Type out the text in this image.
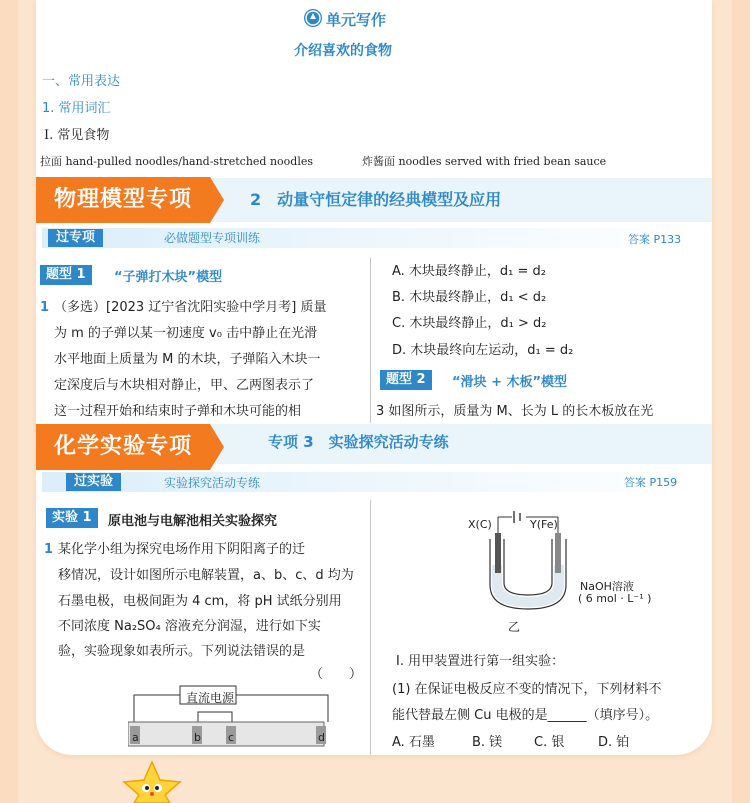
单元写作
介绍喜欢的食物
一、常用表达
1. 常用词汇
Ⅰ. 常见食物
拉面 hand-pulled noodles/hand-stretched noodles	炸酱面 noodles served with fried bean sauce
2　动量守恒定律的经典模型及应用
过专项	必做题型专项训练	答案 P133
题型 1	“子弹打木块”模型
1 （多选）[2023 辽宁省沈阳实验中学月考] 质量
为 m 的子弹以某一初速度 v₀ 击中静止在光滑
水平地面上质量为 M 的木块，子弹陷入木块一
定深度后与木块相对静止，甲、乙两图表示了
这一过程开始和结束时子弹和木块可能的相
A. 木块最终静止，d₁ = d₂
B. 木块最终静止，d₁ < d₂
C. 木块最终静止，d₁ > d₂
D. 木块最终向左运动，d₁ = d₂
题型 2	“滑块 + 木板”模型
3 如图所示，质量为 M、长为 L 的长木板放在光
专项 3　实验探究活动专练
过实验	实验探究活动专练	答案 P159
实验 1	原电池与电解池相关实验探究
1 某化学小组为探究电场作用下阴阳离子的迁
移情况，设计如图所示电解装置，a、b、c、d 均为
石墨电极，电极间距为 4 cm，将 pH 试纸分别用
不同浓度 Na₂SO₄ 溶液充分润湿，进行如下实
验，实验现象如表所示。下列说法错误的是
（　　）
直流电源
a	b c	d
X(C)	Y(Fe)
NaOH溶液
( 6 mol · L⁻¹ )
乙
Ⅰ. 用甲装置进行第一组实验：
(1) 在保证电极反应不变的情况下，下列材料不
能代替最左侧 Cu 电极的是______（填序号）。
A. 石墨	B. 镁 C. 银	D. 铂
物理模型专项
化学实验专项
